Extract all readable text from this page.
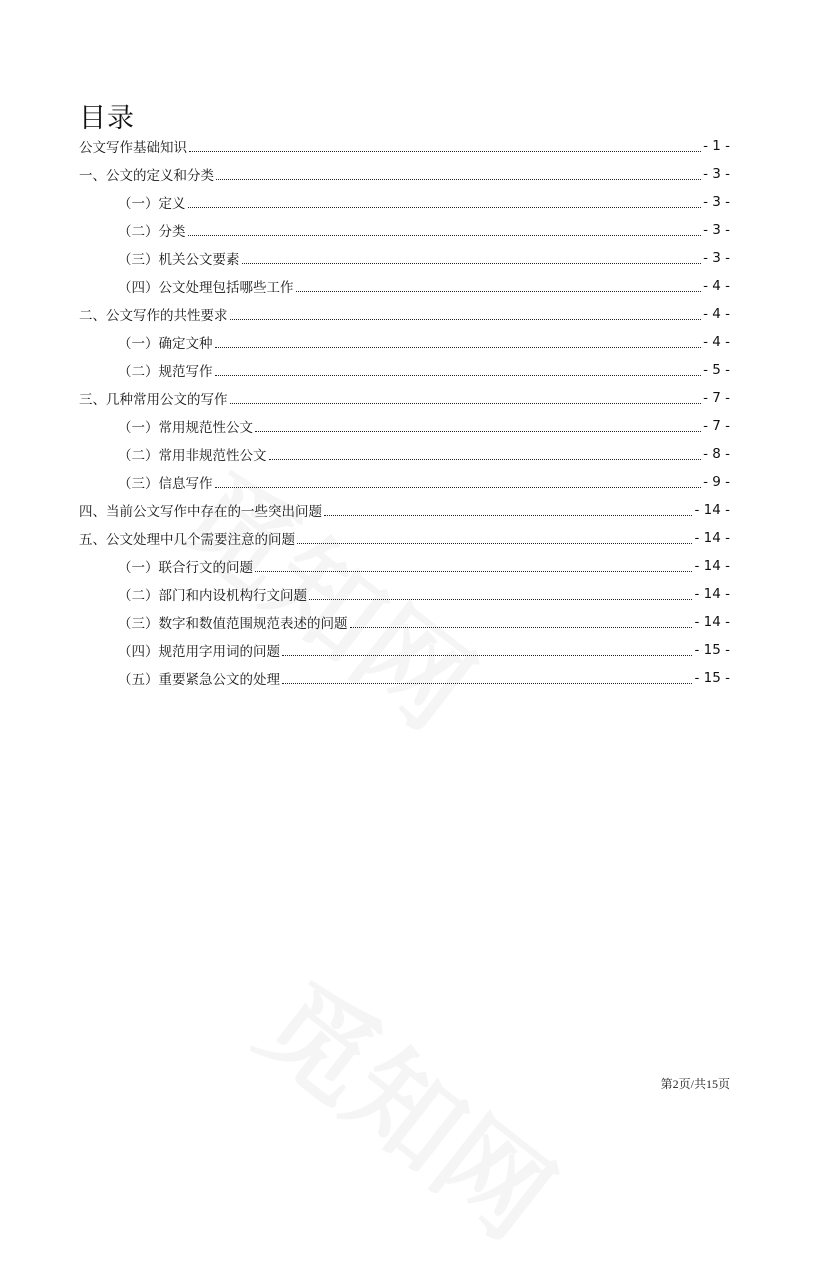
目录
公文写作基础知识	- 1 -
一、公文的定义和分类	- 3 -
（一）定义	- 3 -
（二）分类	- 3 -
（三）机关公文要素	- 3 -
（四）公文处理包括哪些工作	- 4 -
二、公文写作的共性要求	- 4 -
（一）确定文种	- 4 -
（二）规范写作	- 5 -
三、几种常用公文的写作	- 7 -
（一）常用规范性公文	- 7 -
（二）常用非规范性公文	- 8 -
（三）信息写作	- 9 -
四、当前公文写作中存在的一些突出问题	- 14 -
五、公文处理中几个需要注意的问题	- 14 -
（一）联合行文的问题	- 14 -
（二）部门和内设机构行文问题	- 14 -
（三）数字和数值范围规范表述的问题	- 14 -
（四）规范用字用词的问题	- 15 -
（五）重要紧急公文的处理	- 15 -
第2页/共15页
